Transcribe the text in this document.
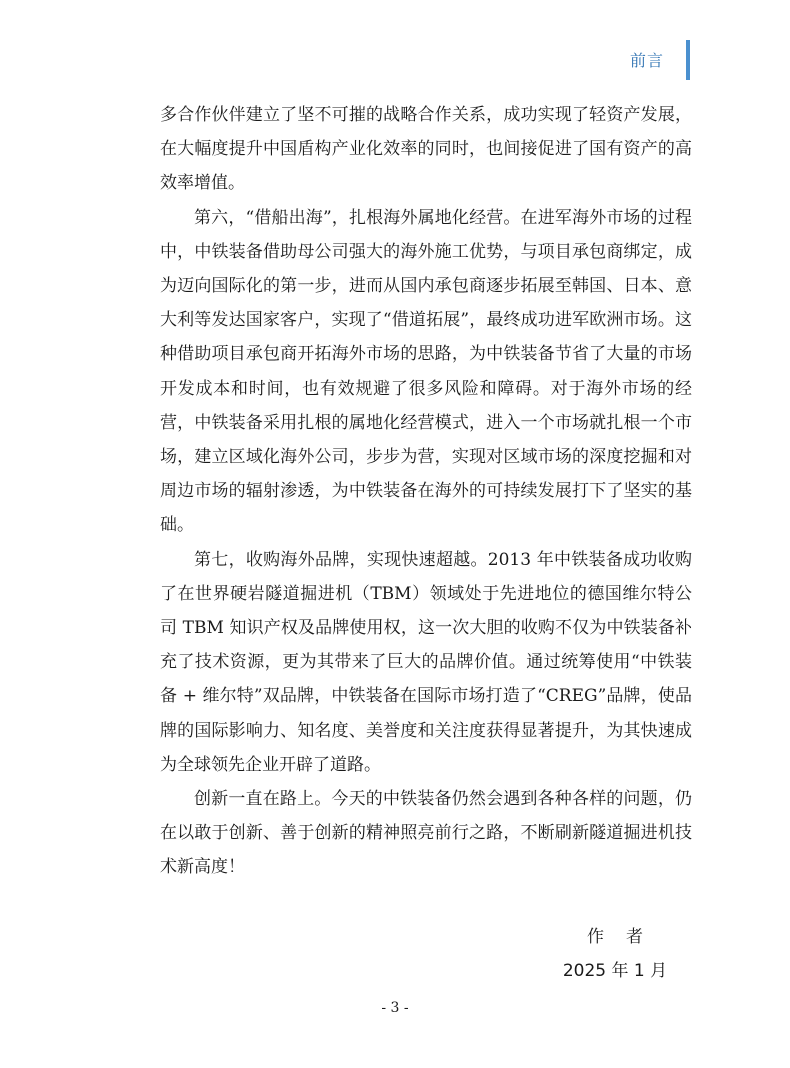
前言

多合作伙伴建立了坚不可摧的战略合作关系，成功实现了轻资产发展，在大幅度提升中国盾构产业化效率的同时，也间接促进了国有资产的高效率增值。

第六，“借船出海”，扎根海外属地化经营。在进军海外市场的过程中，中铁装备借助母公司强大的海外施工优势，与项目承包商绑定，成为迈向国际化的第一步，进而从国内承包商逐步拓展至韩国、日本、意大利等发达国家客户，实现了“借道拓展”，最终成功进军欧洲市场。这种借助项目承包商开拓海外市场的思路，为中铁装备节省了大量的市场开发成本和时间，也有效规避了很多风险和障碍。对于海外市场的经营，中铁装备采用扎根的属地化经营模式，进入一个市场就扎根一个市场，建立区域化海外公司，步步为营，实现对区域市场的深度挖掘和对周边市场的辐射渗透，为中铁装备在海外的可持续发展打下了坚实的基础。

第七，收购海外品牌，实现快速超越。2013 年中铁装备成功收购了在世界硬岩隧道掘进机（TBM）领域处于先进地位的德国维尔特公司 TBM 知识产权及品牌使用权，这一次大胆的收购不仅为中铁装备补充了技术资源，更为其带来了巨大的品牌价值。通过统筹使用“中铁装备 + 维尔特”双品牌，中铁装备在国际市场打造了“CREG”品牌，使品牌的国际影响力、知名度、美誉度和关注度获得显著提升，为其快速成为全球领先企业开辟了道路。

创新一直在路上。今天的中铁装备仍然会遇到各种各样的问题，仍在以敢于创新、善于创新的精神照亮前行之路，不断刷新隧道掘进机技术新高度！

作者
2025 年 1 月
- 3 -
